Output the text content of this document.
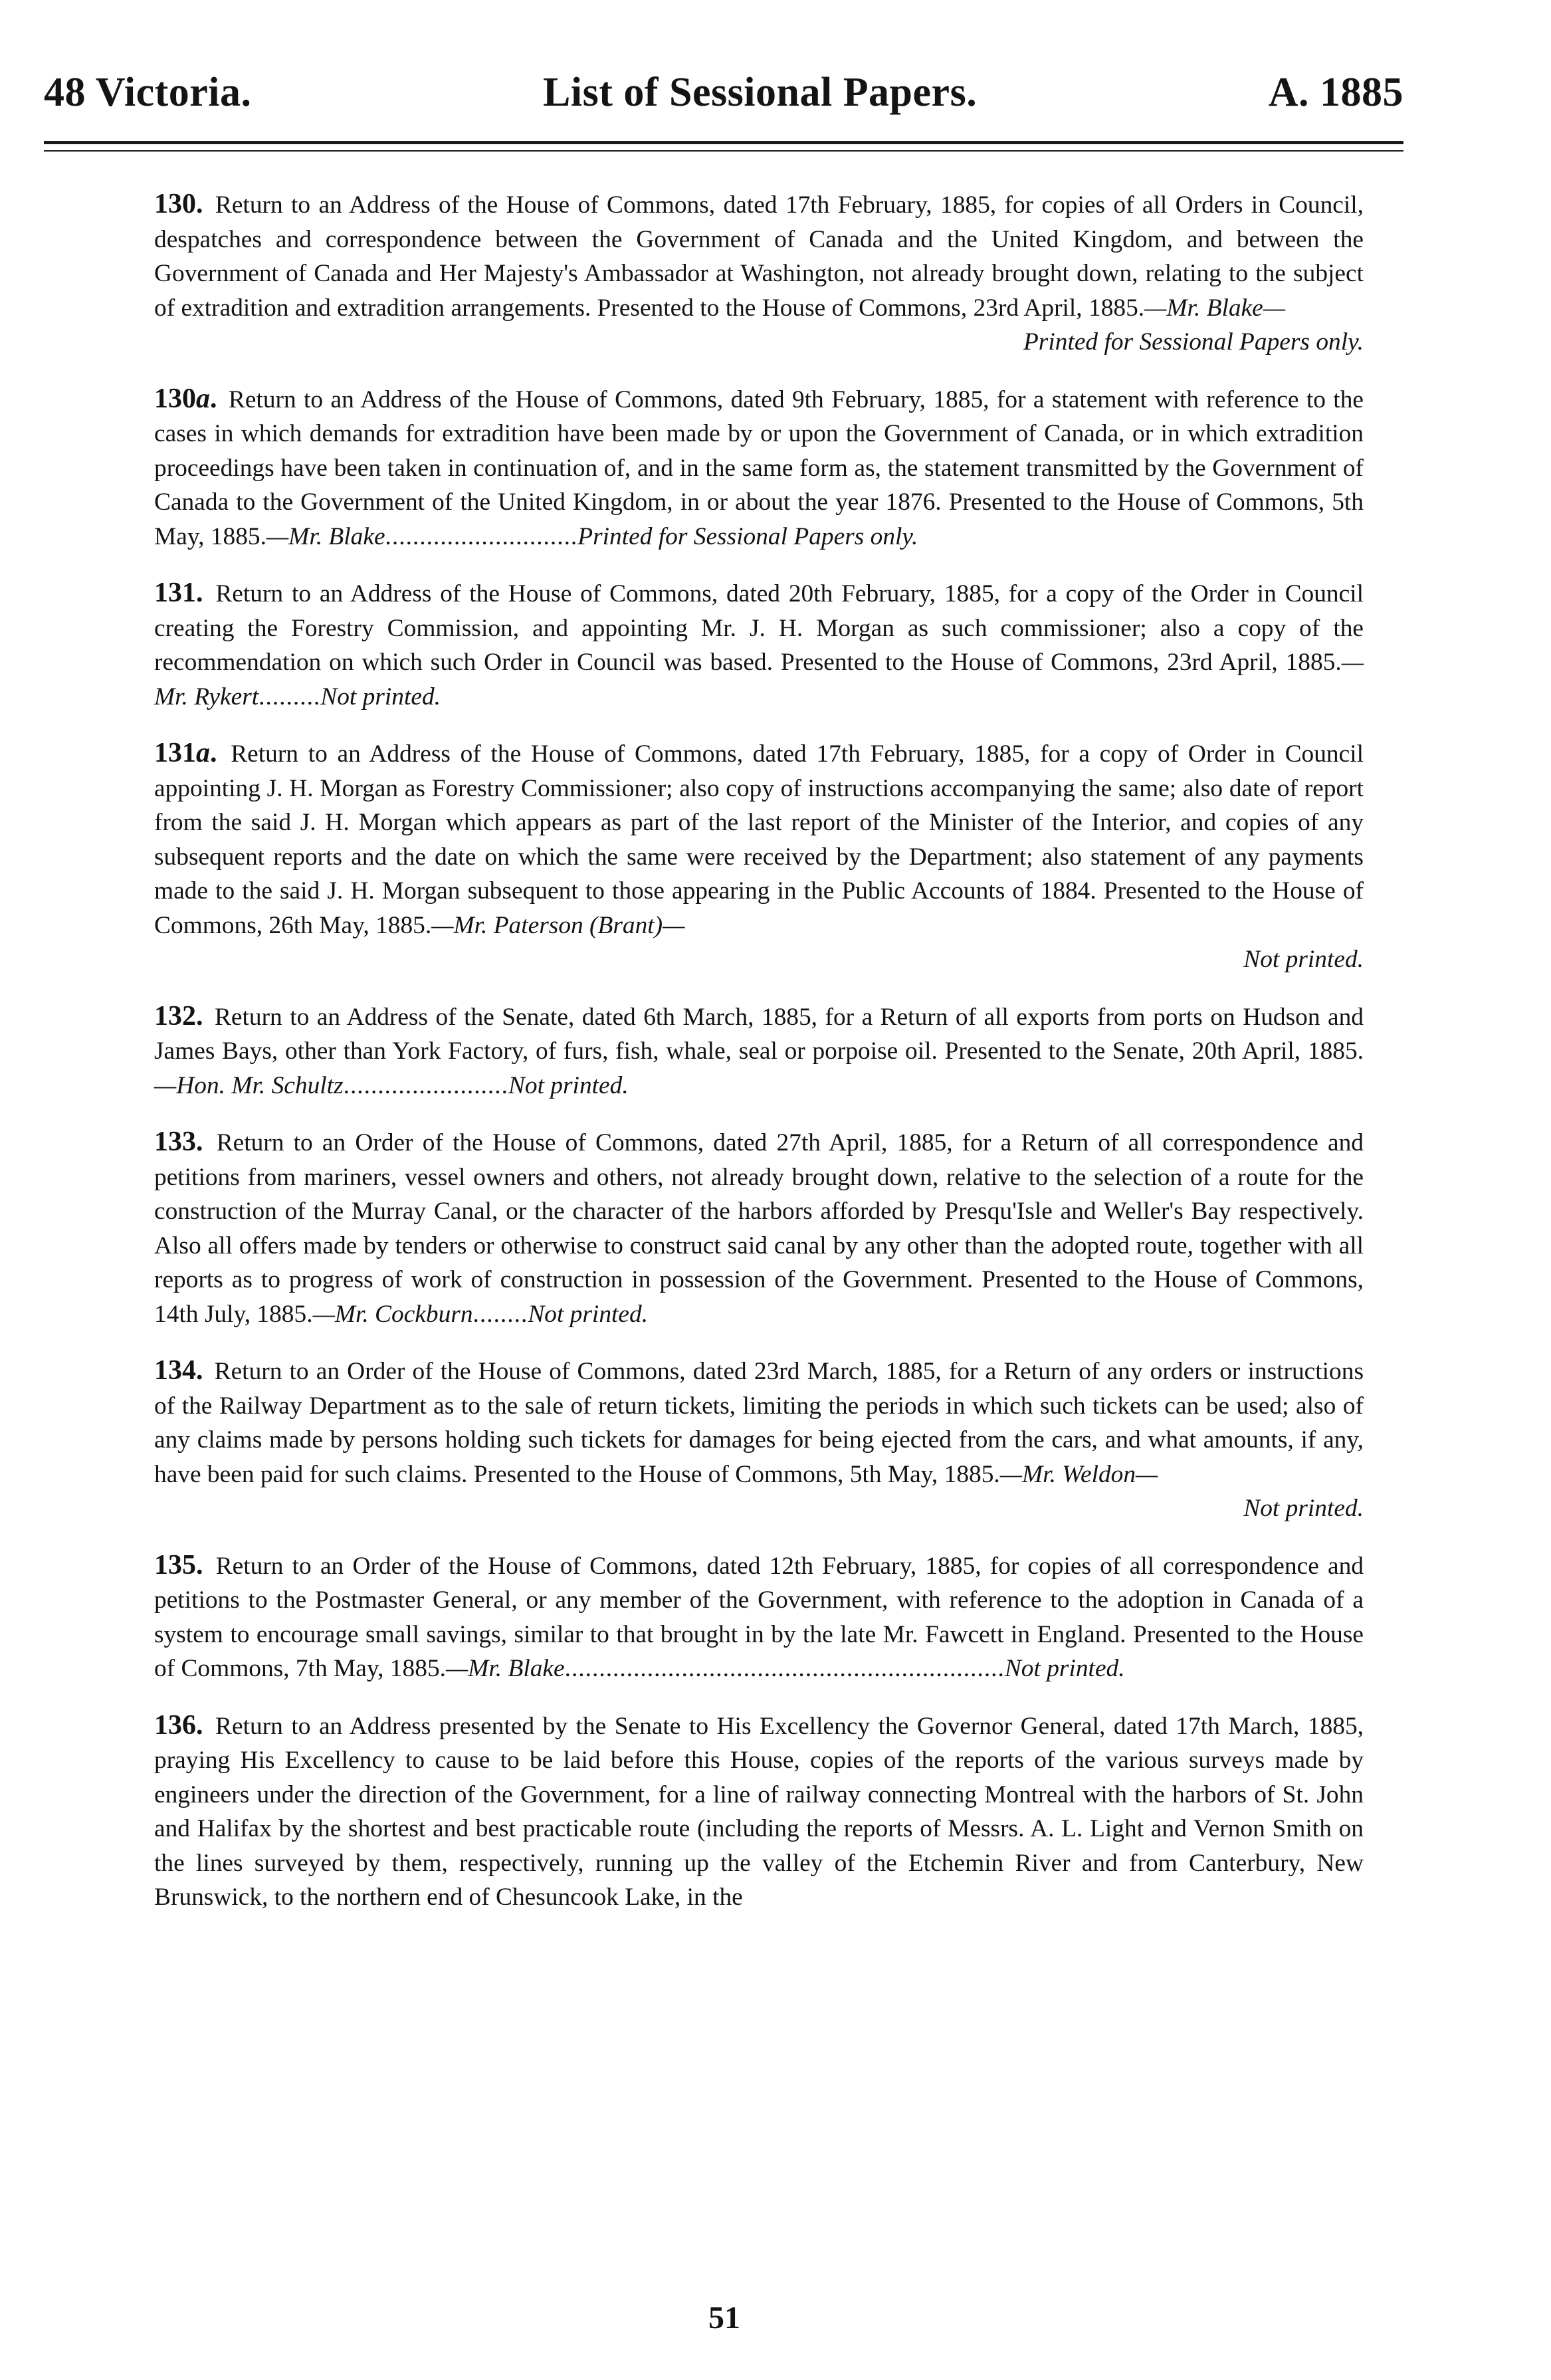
48 Victoria.	List of Sessional Papers.	A. 1885
130. Return to an Address of the House of Commons, dated 17th February, 1885, for copies of all Orders in Council, despatches and correspondence between the Government of Canada and the United Kingdom, and between the Government of Canada and Her Majesty's Ambassador at Washington, not already brought down, relating to the subject of extradition and extradition arrangements. Presented to the House of Commons, 23rd April, 1885.—Mr. Blake—
Printed for Sessional Papers only.
130a. Return to an Address of the House of Commons, dated 9th February, 1885, for a statement with reference to the cases in which demands for extradition have been made by or upon the Government of Canada, or in which extradition proceedings have been taken in continuation of, and in the same form as, the statement transmitted by the Government of Canada to the Government of the United Kingdom, in or about the year 1876. Presented to the House of Commons, 5th May, 1885.—Mr. Blake............................Printed for Sessional Papers only.
131. Return to an Address of the House of Commons, dated 20th February, 1885, for a copy of the Order in Council creating the Forestry Commission, and appointing Mr. J. H. Morgan as such commissioner; also a copy of the recommendation on which such Order in Council was based. Presented to the House of Commons, 23rd April, 1885.—Mr. Rykert.........Not printed.
131a. Return to an Address of the House of Commons, dated 17th February, 1885, for a copy of Order in Council appointing J. H. Morgan as Forestry Commissioner; also copy of instructions accompanying the same; also date of report from the said J. H. Morgan which appears as part of the last report of the Minister of the Interior, and copies of any subsequent reports and the date on which the same were received by the Department; also statement of any payments made to the said J. H. Morgan subsequent to those appearing in the Public Accounts of 1884. Presented to the House of Commons, 26th May, 1885.—Mr. Paterson (Brant)—
Not printed.
132. Return to an Address of the Senate, dated 6th March, 1885, for a Return of all exports from ports on Hudson and James Bays, other than York Factory, of furs, fish, whale, seal or porpoise oil. Presented to the Senate, 20th April, 1885.—Hon. Mr. Schultz........................Not printed.
133. Return to an Order of the House of Commons, dated 27th April, 1885, for a Return of all correspondence and petitions from mariners, vessel owners and others, not already brought down, relative to the selection of a route for the construction of the Murray Canal, or the character of the harbors afforded by Presqu'Isle and Weller's Bay respectively. Also all offers made by tenders or otherwise to construct said canal by any other than the adopted route, together with all reports as to progress of work of construction in possession of the Government. Presented to the House of Commons, 14th July, 1885.—Mr. Cockburn........Not printed.
134. Return to an Order of the House of Commons, dated 23rd March, 1885, for a Return of any orders or instructions of the Railway Department as to the sale of return tickets, limiting the periods in which such tickets can be used; also of any claims made by persons holding such tickets for damages for being ejected from the cars, and what amounts, if any, have been paid for such claims. Presented to the House of Commons, 5th May, 1885.—Mr. Weldon—
Not printed.
135. Return to an Order of the House of Commons, dated 12th February, 1885, for copies of all correspondence and petitions to the Postmaster General, or any member of the Government, with reference to the adoption in Canada of a system to encourage small savings, similar to that brought in by the late Mr. Fawcett in England. Presented to the House of Commons, 7th May, 1885.—Mr. Blake................................................................Not printed.
136. Return to an Address presented by the Senate to His Excellency the Governor General, dated 17th March, 1885, praying His Excellency to cause to be laid before this House, copies of the reports of the various surveys made by engineers under the direction of the Government, for a line of railway connecting Montreal with the harbors of St. John and Halifax by the shortest and best practicable route (including the reports of Messrs. A. L. Light and Vernon Smith on the lines surveyed by them, respectively, running up the valley of the Etchemin River and from Canterbury, New Brunswick, to the northern end of Chesuncook Lake, in the
51
